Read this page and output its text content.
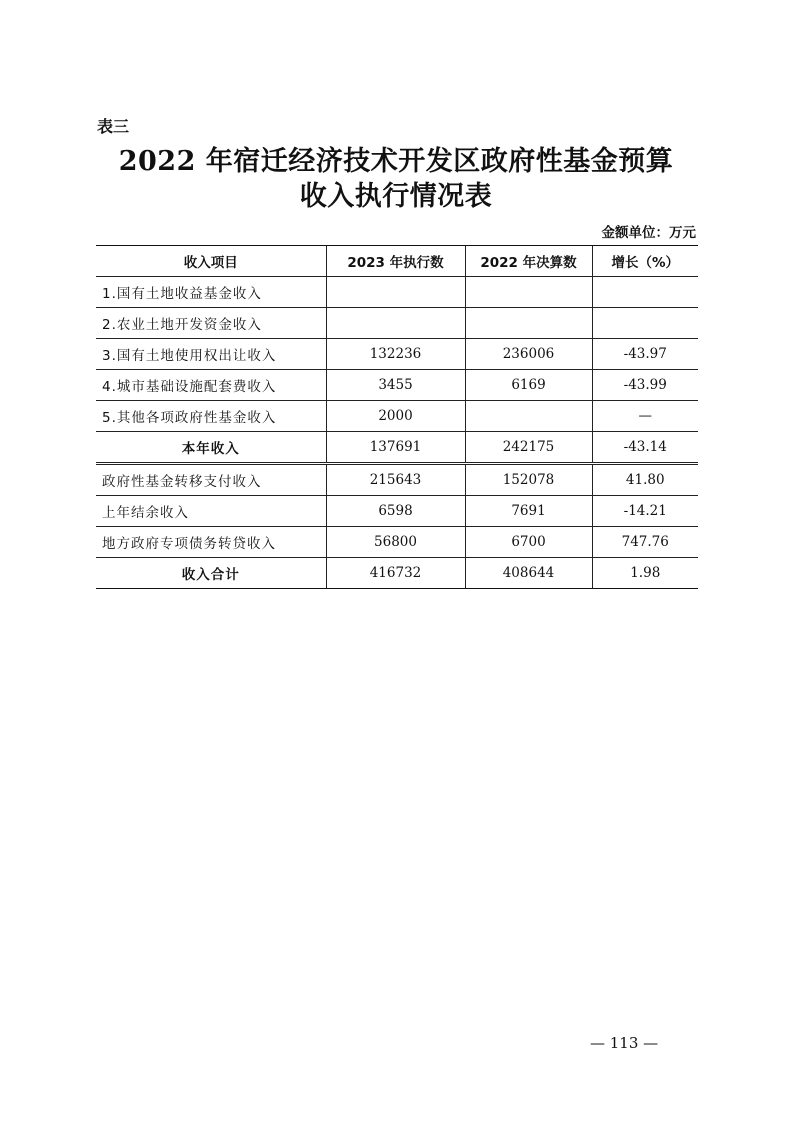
表三
2022 年宿迁经济技术开发区政府性基金预算
收入执行情况表
金额单位：万元
收入项目	2023 年执行数	2022 年决算数	增长（%）
1.国有土地收益基金收入			
2.农业土地开发资金收入			
3.国有土地使用权出让收入	132236	236006	-43.97
4.城市基础设施配套费收入	3455	6169	-43.99
5.其他各项政府性基金收入	2000		—
本年收入	137691	242175	-43.14
政府性基金转移支付收入	215643	152078	41.80
上年结余收入	6598	7691	-14.21
地方政府专项债务转贷收入	56800	6700	747.76
收入合计	416732	408644	1.98
— 113 —
